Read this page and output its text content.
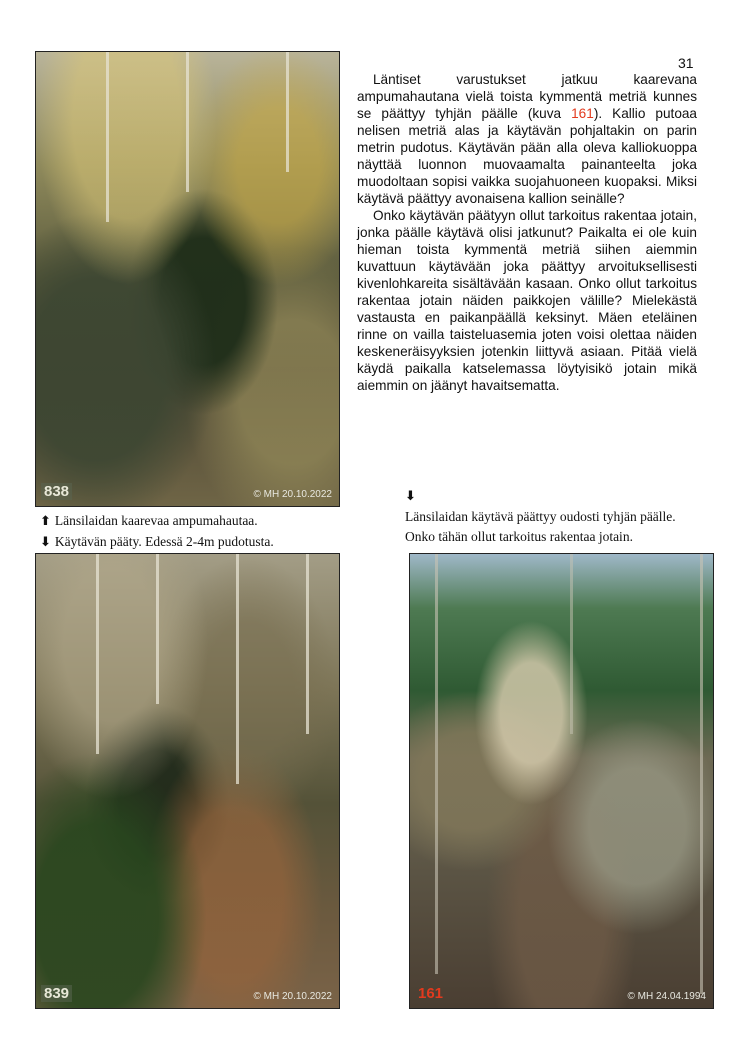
31
838	© MH 20.10.2022

Läntiset varustukset jatkuu kaarevana ampumahautana vielä toista kymmentä metriä kunnes se päättyy tyhjän päälle (kuva 161). Kallio putoaa nelisen metriä alas ja käytävän pohjaltakin on parin metrin pudotus. Käytävän pään alla oleva kalliokuoppa näyttää luonnon muovaamalta painanteelta joka muodoltaan sopisi vaikka suojahuoneen kuopaksi. Miksi käytävä päättyy avonaisena kallion seinälle?

Onko käytävän päätyyn ollut tarkoitus rakentaa jotain, jonka päälle käytävä olisi jatkunut? Paikalta ei ole kuin hieman toista kymmentä metriä siihen aiemmin kuvattuun käytävään joka päättyy arvoituksellisesti kivenlohkareita sisältävään kasaan. Onko ollut tarkoitus rakentaa jotain näiden paikkojen välille? Mielekästä vastausta en paikanpäällä keksinyt. Mäen eteläinen rinne on vailla taisteluasemia joten voisi olettaa näiden keskeneräisyyksien jotenkin liittyvä asiaan. Pitää vielä käydä paikalla katselemassa löytyisikö jotain mikä aiemmin on jäänyt havaitsematta.

⬆ Länsilaidan kaarevaa ampumahautaa.
⬇ Käytävän pääty. Edessä 2-4m pudotusta.
⬇
Länsilaidan käytävä päättyy oudosti tyhjän päälle.
Onko tähän ollut tarkoitus rakentaa jotain.
839	© MH 20.10.2022	161	© MH 24.04.1994
